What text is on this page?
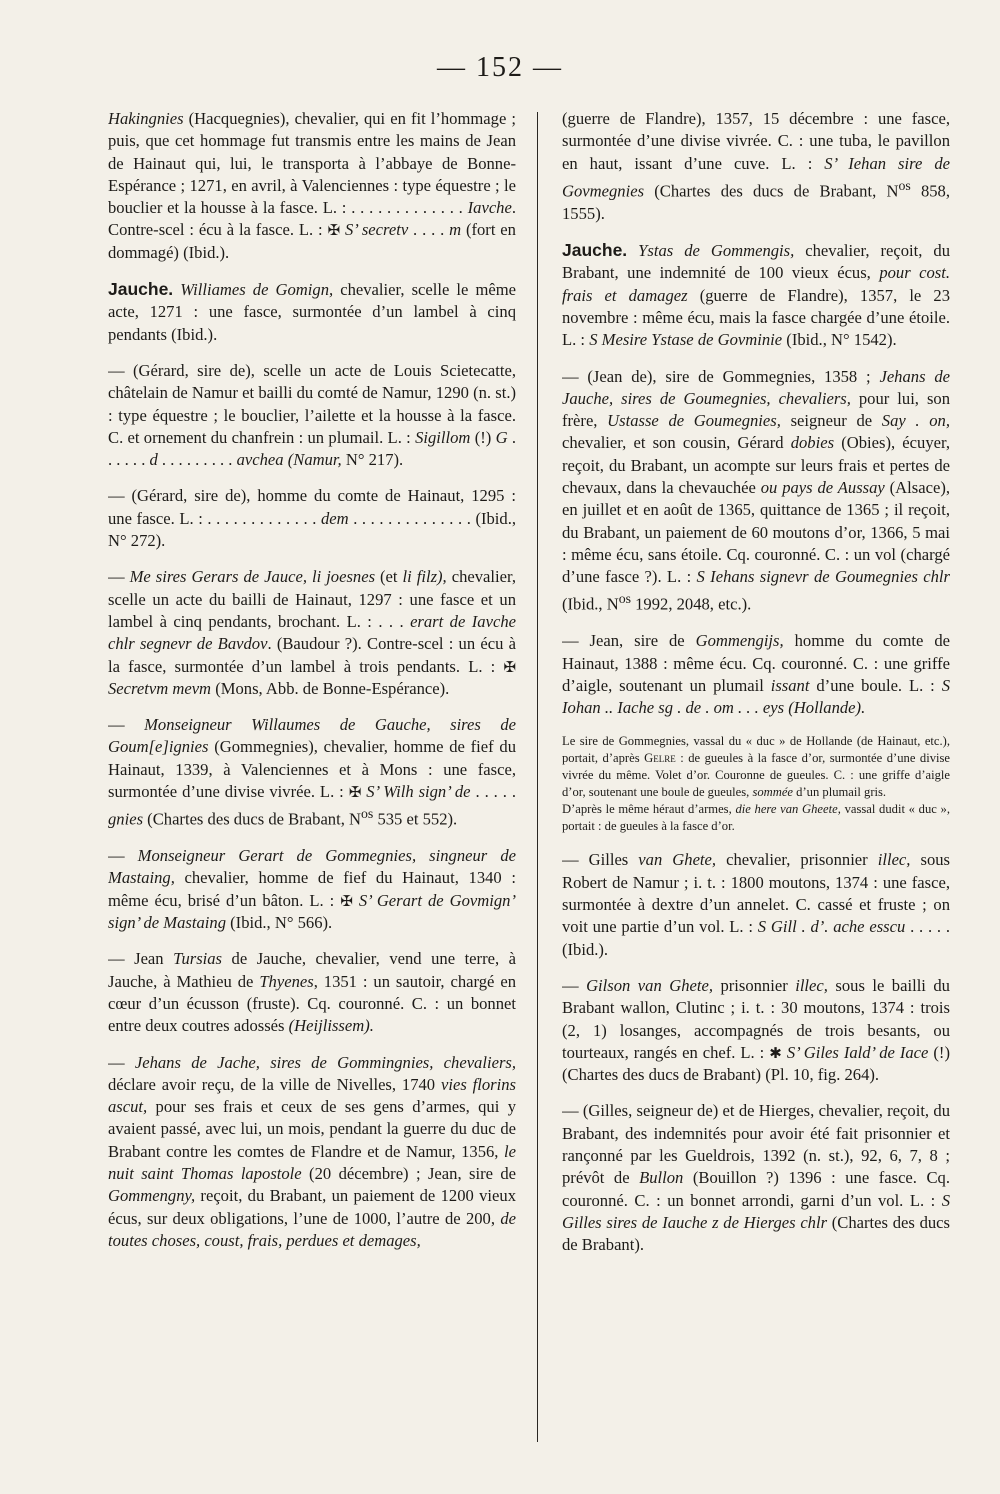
— 152 —
Hakingnies (Hacquegnies), chevalier, qui en fit l’hommage ; puis, que cet hommage fut transmis entre les mains de Jean de Hainaut qui, lui, le transporta à l’abbaye de Bonne-Espérance ; 1271, en avril, à Valenciennes : type équestre ; le bouclier et la housse à la fasce. L. : . . . . . . . . . . . . . Iavche. Contre-scel : écu à la fasce. L. : ✠ S’ secretv . . . . m (fort en dommagé) (Ibid.).
Jauche. Williames de Gomign, chevalier, scelle le même acte, 1271 : une fasce, surmontée d’un lambel à cinq pendants (Ibid.).
— (Gérard, sire de), scelle un acte de Louis Scietecatte, châtelain de Namur et bailli du comté de Namur, 1290 (n. st.) : type équestre ; le bouclier, l’ailette et la housse à la fasce. C. et ornement du chanfrein : un plumail. L. : Sigillom (!) G . . . . . . d . . . . . . . . . avchea (Namur, N° 217).
— (Gérard, sire de), homme du comte de Hainaut, 1295 : une fasce. L. : . . . . . . . . . . . . . dem . . . . . . . . . . . . . . (Ibid., N° 272).
— Me sires Gerars de Jauce, li joesnes (et li filz), chevalier, scelle un acte du bailli de Hainaut, 1297 : une fasce et un lambel à cinq pendants, brochant. L. : . . . erart de Iavche chlr segnevr de Bavdov. (Baudour ?). Contre-scel : un écu à la fasce, surmontée d’un lambel à trois pendants. L. : ✠ Secretvm mevm (Mons, Abb. de Bonne-Espérance).
— Monseigneur Willaumes de Gauche, sires de Goum[e]ignies (Gommegnies), chevalier, homme de fief du Hainaut, 1339, à Valenciennes et à Mons : une fasce, surmontée d’une divise vivrée. L. : ✠ S’ Wilh sign’ de . . . . . gnies (Chartes des ducs de Brabant, $N^{os}$ 535 et 552).
— Monseigneur Gerart de Gommegnies, singneur de Mastaing, chevalier, homme de fief du Hainaut, 1340 : même écu, brisé d’un bâton. L. : ✠ S’ Gerart de Govmign’ sign’ de Mastaing (Ibid., N° 566).
— Jean Tursias de Jauche, chevalier, vend une terre, à Jauche, à Mathieu de Thyenes, 1351 : un sautoir, chargé en cœur d’un écusson (fruste). Cq. couronné. C. : un bonnet entre deux coutres adossés (Heijlissem).
— Jehans de Jache, sires de Gommingnies, chevaliers, déclare avoir reçu, de la ville de Nivelles, 1740 vies florins ascut, pour ses frais et ceux de ses gens d’armes, qui y avaient passé, avec lui, un mois, pendant la guerre du duc de Brabant contre les comtes de Flandre et de Namur, 1356, le nuit saint Thomas lapostole (20 décembre) ; Jean, sire de Gommengny, reçoit, du Brabant, un paiement de 1200 vieux écus, sur deux obligations, l’une de 1000, l’autre de 200, de toutes choses, coust, frais, perdues et demages,
(guerre de Flandre), 1357, 15 décembre : une fasce, surmontée d’une divise vivrée. C. : une tuba, le pavillon en haut, issant d’une cuve. L. : S’ Iehan sire de Govmegnies (Chartes des ducs de Brabant, $N^{os}$ 858, 1555).
Jauche. Ystas de Gommengis, chevalier, reçoit, du Brabant, une indemnité de 100 vieux écus, pour cost. frais et damagez (guerre de Flandre), 1357, le 23 novembre : même écu, mais la fasce chargée d’une étoile. L. : S Mesire Ystase de Govminie (Ibid., N° 1542).
— (Jean de), sire de Gommegnies, 1358 ; Jehans de Jauche, sires de Goumegnies, chevaliers, pour lui, son frère, Ustasse de Goumegnies, seigneur de Say . on, chevalier, et son cousin, Gérard dobies (Obies), écuyer, reçoit, du Brabant, un acompte sur leurs frais et pertes de chevaux, dans la chevauchée ou pays de Aussay (Alsace), en juillet et en août de 1365, quittance de 1365 ; il reçoit, du Brabant, un paiement de 60 moutons d’or, 1366, 5 mai : même écu, sans étoile. Cq. couronné. C. : un vol (chargé d’une fasce ?). L. : S Iehans signevr de Goumegnies chlr (Ibid., $N^{os}$ 1992, 2048, etc.).
— Jean, sire de Gommengijs, homme du comte de Hainaut, 1388 : même écu. Cq. couronné. C. : une griffe d’aigle, soutenant un plumail issant d’une boule. L. : S Iohan .. Iache sg . de . om . . . eys (Hollande).

Le sire de Gommegnies, vassal du « duc » de Hollande (de Hainaut, etc.), portait, d’après Gelre : de gueules à la fasce d’or, surmontée d’une divise vivrée du même. Volet d’or. Couronne de gueules. C. : une griffe d’aigle d’or, soutenant une boule de gueules, sommée d’un plumail gris.

D’après le même héraut d’armes, die here van Gheete, vassal dudit « duc », portait : de gueules à la fasce d’or.

— Gilles van Ghete, chevalier, prisonnier illec, sous Robert de Namur ; i. t. : 1800 moutons, 1374 : une fasce, surmontée à dextre d’un annelet. C. cassé et fruste ; on voit une partie d’un vol. L. : S Gill . d’. ache esscu . . . . . (Ibid.).
— Gilson van Ghete, prisonnier illec, sous le bailli du Brabant wallon, Clutinc ; i. t. : 30 moutons, 1374 : trois (2, 1) losanges, accompagnés de trois besants, ou tourteaux, rangés en chef. L. : ✱ S’ Giles Iald’ de Iace (!) (Chartes des ducs de Brabant) (Pl. 10, fig. 264).
— (Gilles, seigneur de) et de Hierges, chevalier, reçoit, du Brabant, des indemnités pour avoir été fait prisonnier et rançonné par les Gueldrois, 1392 (n. st.), 92, 6, 7, 8 ; prévôt de Bullon (Bouillon ?) 1396 : une fasce. Cq. couronné. C. : un bonnet arrondi, garni d’un vol. L. : S Gilles sires de Iauche z de Hierges chlr (Chartes des ducs de Brabant).
